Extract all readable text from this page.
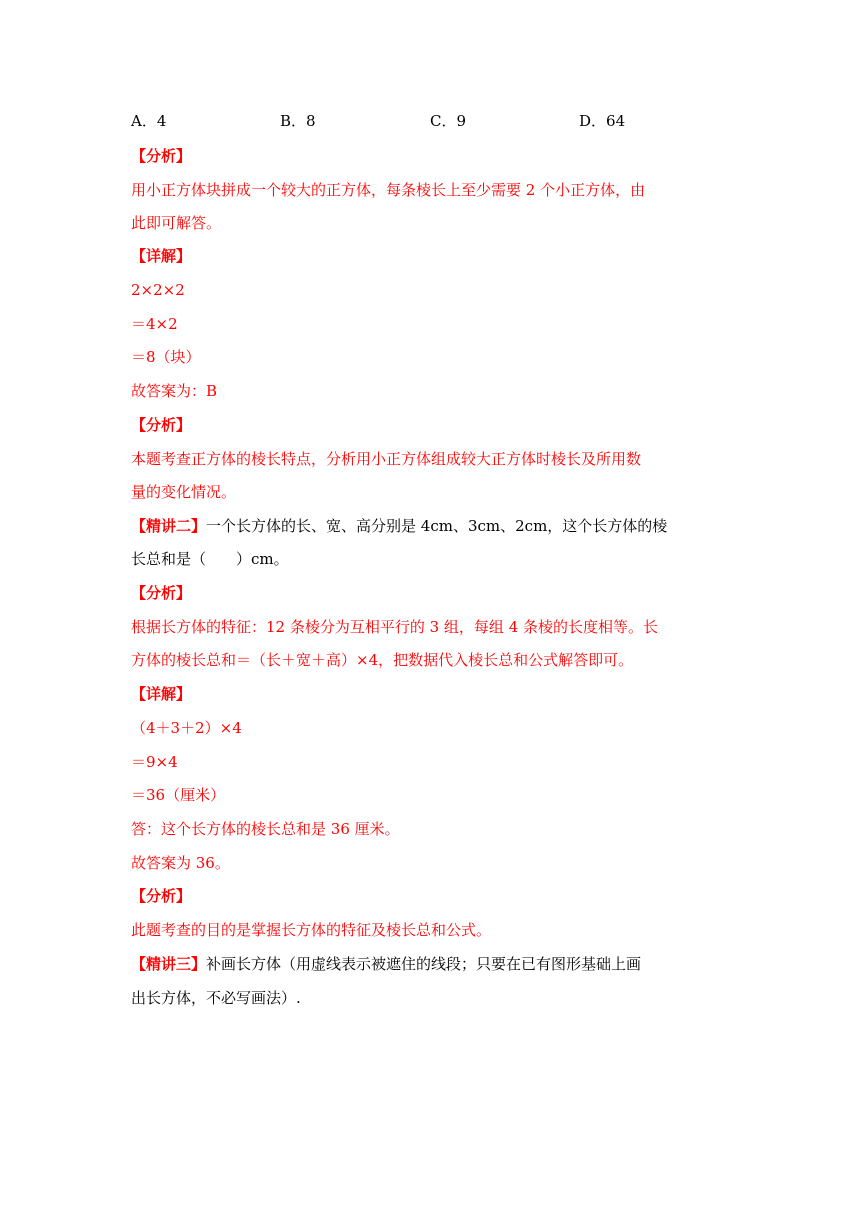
A．4	B．8	C．9	D．64
【分析】
用小正方体块拼成一个较大的正方体，每条棱长上至少需要 2 个小正方体，由
此即可解答。
【详解】
2×2×2
＝4×2
＝8（块）
故答案为：B
【分析】
本题考查正方体的棱长特点，分析用小正方体组成较大正方体时棱长及所用数
量的变化情况。
【精讲二】一个长方体的长、宽、高分别是 4cm、3cm、2cm，这个长方体的棱
长总和是（　　）cm。
【分析】
根据长方体的特征：12 条棱分为互相平行的 3 组，每组 4 条棱的长度相等。长
方体的棱长总和＝（长＋宽＋高）×4，把数据代入棱长总和公式解答即可。
【详解】
（4＋3＋2）×4
＝9×4
＝36（厘米）
答：这个长方体的棱长总和是 36 厘米。
故答案为 36。
【分析】
此题考查的目的是掌握长方体的特征及棱长总和公式。
【精讲三】补画长方体（用虚线表示被遮住的线段；只要在已有图形基础上画
出长方体，不必写画法）.
